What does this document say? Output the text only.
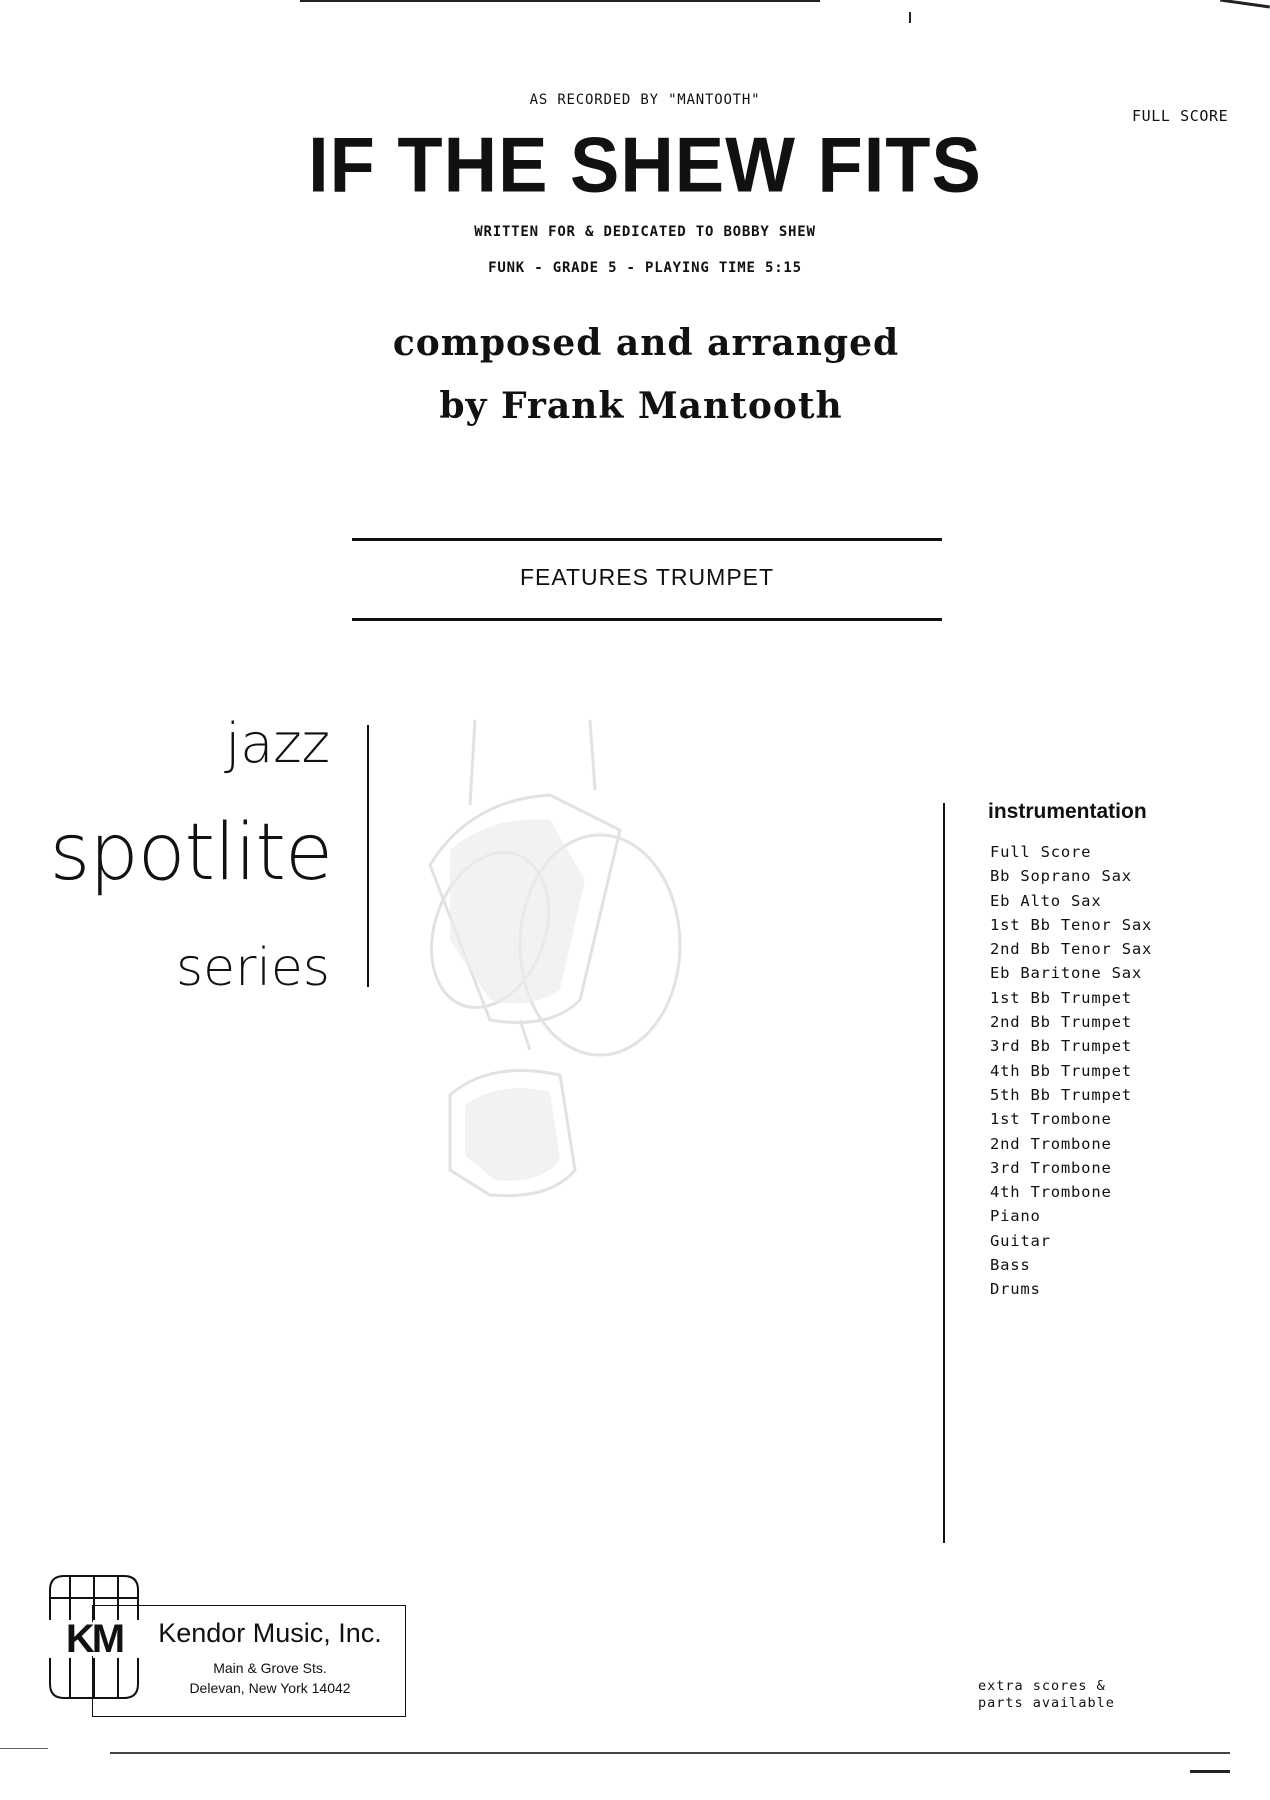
AS RECORDED BY "MANTOOTH"
FULL SCORE
IF THE SHEW FITS
WRITTEN FOR & DEDICATED TO BOBBY SHEW
FUNK - GRADE 5 - PLAYING TIME 5:15
composed and arranged
by Frank Mantooth
FEATURES TRUMPET
jazz
spotlite
series
instrumentation
Full Score
Bb Soprano Sax
Eb Alto Sax
1st Bb Tenor Sax
2nd Bb Tenor Sax
Eb Baritone Sax
1st Bb Trumpet
2nd Bb Trumpet
3rd Bb Trumpet
4th Bb Trumpet
5th Bb Trumpet
1st Trombone
2nd Trombone
3rd Trombone
4th Trombone
Piano
Guitar
Bass
Drums
KM	Kendor Music, Inc.
Main & Grove Sts.
Delevan, New York 14042	extra scores &
parts available
